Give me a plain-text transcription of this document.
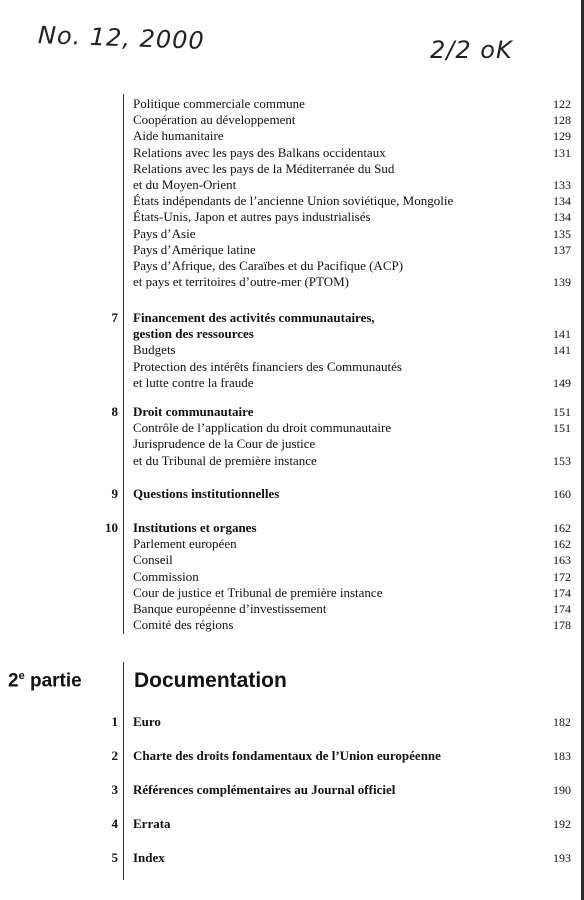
No. 12, 2000	2/2 oK
Politique commerciale commune	122
Coopération au développement	128
Aide humanitaire	129
Relations avec les pays des Balkans occidentaux	131
Relations avec les pays de la Méditerranée du Sud
et du Moyen-Orient	133
États indépendants de l’ancienne Union soviétique, Mongolie	134
États-Unis, Japon et autres pays industrialisés	134
Pays d’Asie	135
Pays d’Amérique latine	137
Pays d’Afrique, des Caraïbes et du Pacifique (ACP)
et pays et territoires d’outre-mer (PTOM)	139
7 Financement des activités communautaires,
gestion des ressources	141
Budgets	141
Protection des intérêts financiers des Communautés
et lutte contre la fraude	149
8 Droit communautaire	151
Contrôle de l’application du droit communautaire	151
Jurisprudence de la Cour de justice
et du Tribunal de première instance	153
9 Questions institutionnelles	160
10 Institutions et organes	162
Parlement européen	162
Conseil	163
Commission	172
Cour de justice et Tribunal de première instance	174
Banque européenne d’investissement	174
Comité des régions	178
1 Euro	182
2 Charte des droits fondamentaux de l’Union européenne	183
3 Références complémentaires au Journal officiel	190
4 Errata	192
5 Index	193
2e partie Documentation
